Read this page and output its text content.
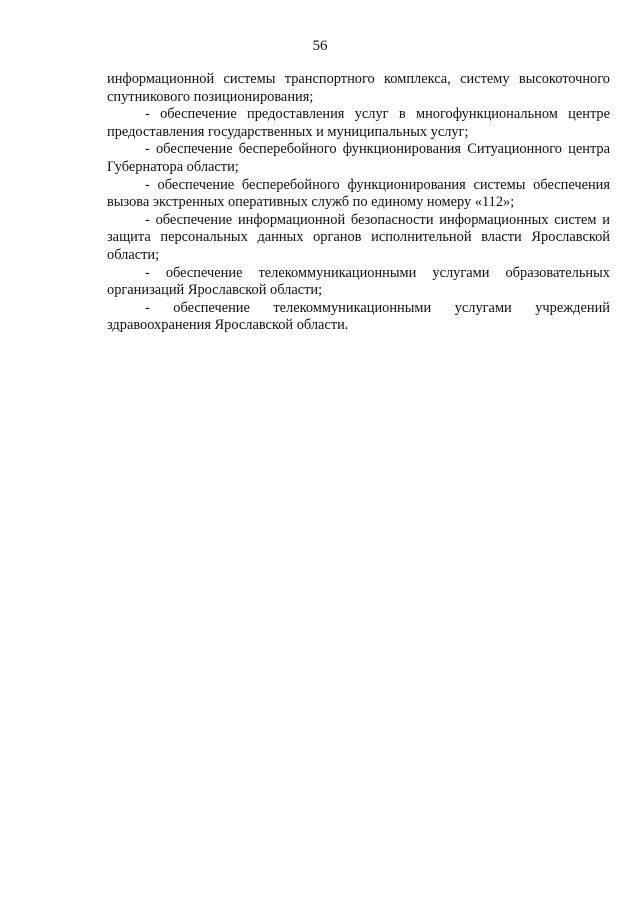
56

информационной системы транспортного комплекса, систему высокоточного спутникового позиционирования;

- обеспечение предоставления услуг в многофункциональном центре предоставления государственных и муниципальных услуг;

- обеспечение бесперебойного функционирования Ситуационного центра Губернатора области;

- обеспечение бесперебойного функционирования системы обеспечения вызова экстренных оперативных служб по единому номеру «112»;

- обеспечение информационной безопасности информационных систем и защита персональных данных органов исполнительной власти Ярославской области;

- обеспечение телекоммуникационными услугами образовательных организаций Ярославской области;

- обеспечение телекоммуникационными услугами учреждений здравоохранения Ярославской области.
